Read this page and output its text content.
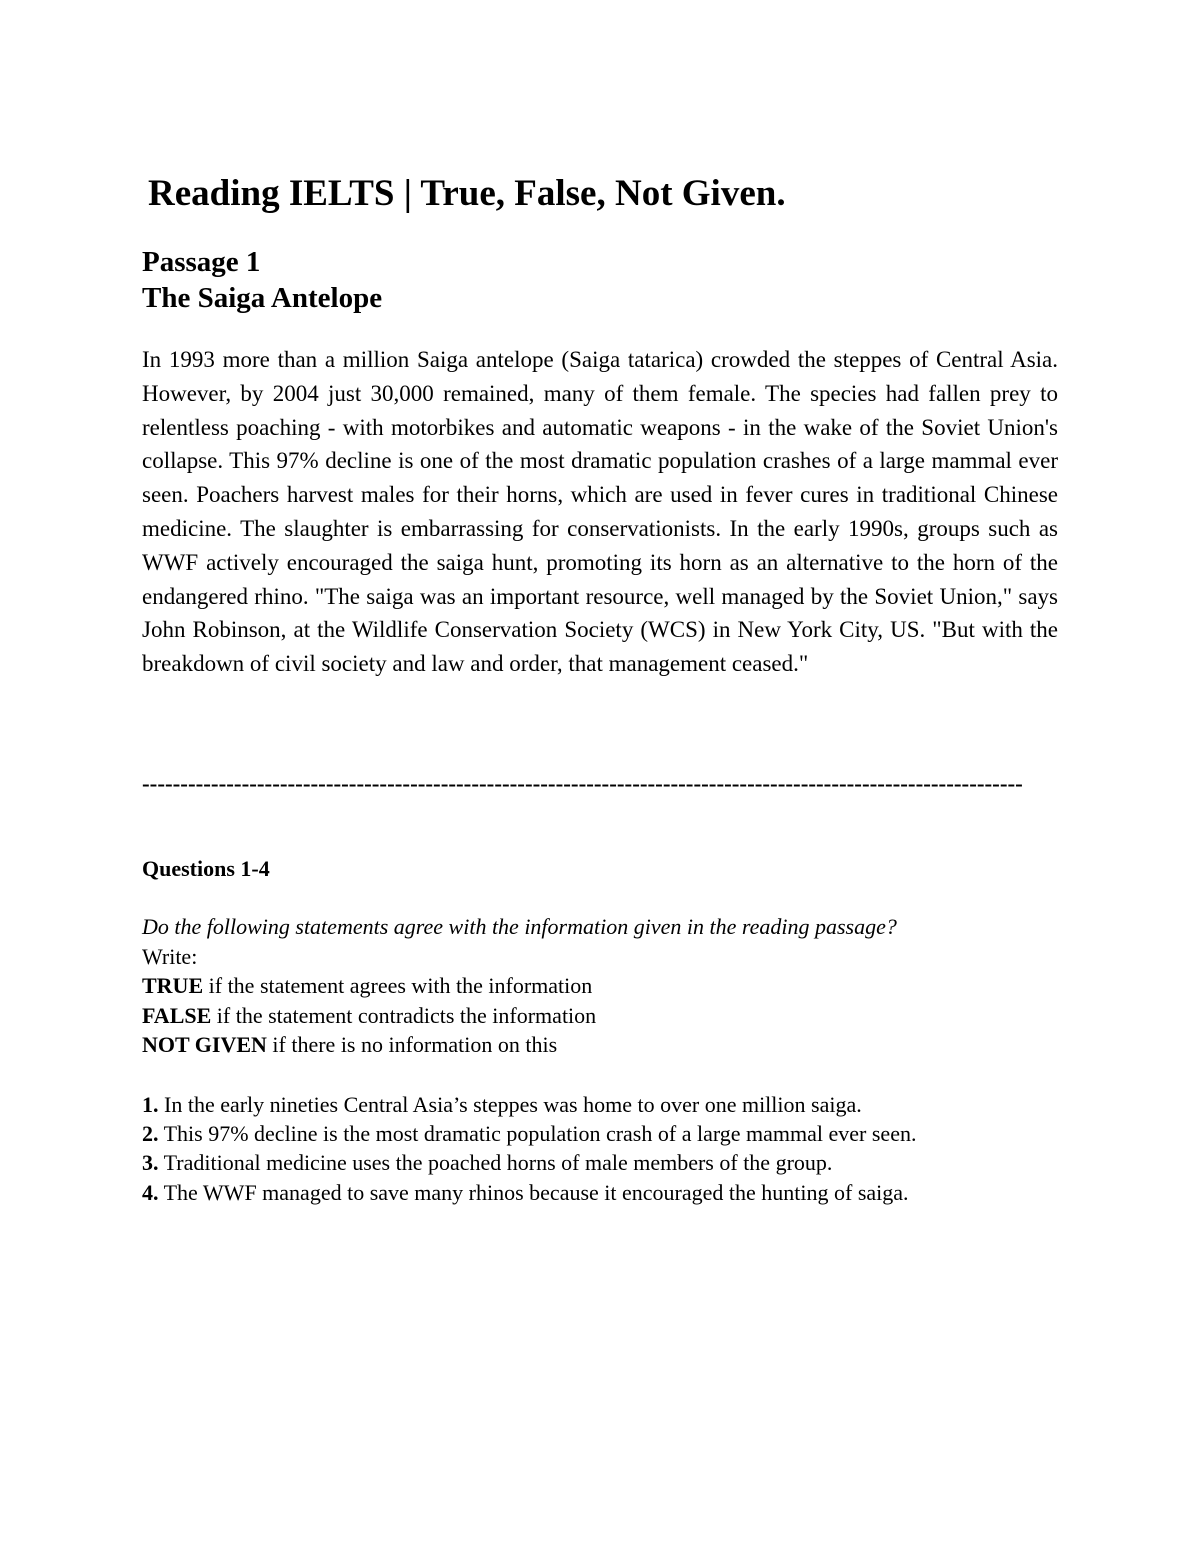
Reading IELTS | True, False, Not Given.
Passage 1
The Saiga Antelope

In 1993 more than a million Saiga antelope (Saiga tatarica) crowded the steppes of Central Asia. However, by 2004 just 30,000 remained, many of them female. The species had fallen prey to relentless poaching - with motorbikes and automatic weapons - in the wake of the Soviet Union's collapse. This 97% decline is one of the most dramatic population crashes of a large mammal ever seen. Poachers harvest males for their horns, which are used in fever cures in traditional Chinese medicine. The slaughter is embarrassing for conservationists. In the early 1990s, groups such as WWF actively encouraged the saiga hunt, promoting its horn as an alternative to the horn of the endangered rhino. "The saiga was an important resource, well managed by the Soviet Union," says John Robinson, at the Wildlife Conservation Society (WCS) in New York City, US. "But with the breakdown of civil society and law and order, that management ceased."

-------------------------------------------------------------------------------------------------------------------

Questions 1-4
Do the following statements agree with the information given in the reading passage?
Write:
TRUE if the statement agrees with the information
FALSE if the statement contradicts the information
NOT GIVEN if there is no information on this
1. In the early nineties Central Asia’s steppes was home to over one million saiga.
2. This 97% decline is the most dramatic population crash of a large mammal ever seen.
3. Traditional medicine uses the poached horns of male members of the group.
4. The WWF managed to save many rhinos because it encouraged the hunting of saiga.
